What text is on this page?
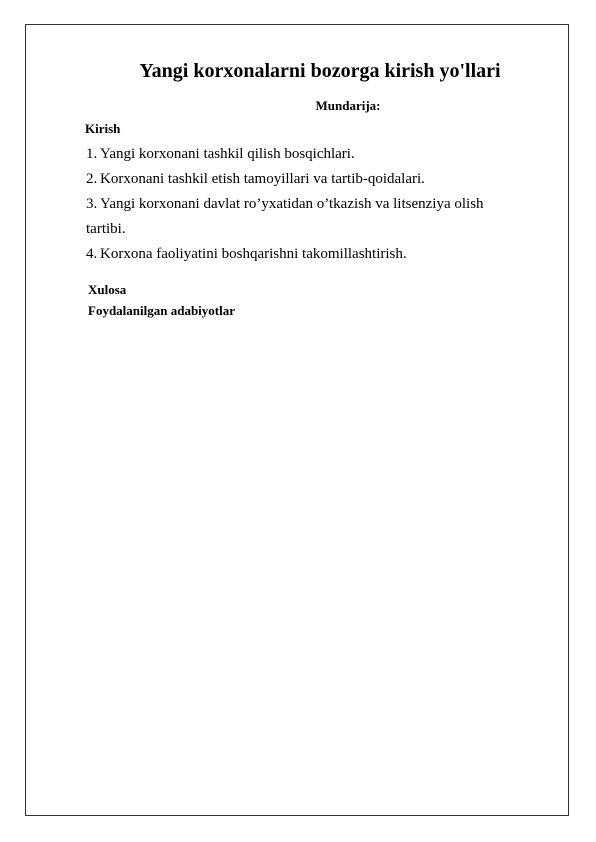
Yangi korxonalarni bozorga kirish yo'llari
Mundarija:
Kirish
1. Yangi korxonani tashkil qilish bosqichlari.
2. Korxonani tashkil etish tamoyillari va tartib-qoidalari.
3. Yangi korxonani davlat ro’yxatidan o’tkazish va litsenziya olish
tartibi.
4. Korxona faoliyatini boshqarishni takomillashtirish.
Xulosa
Foydalanilgan adabiyotlar
